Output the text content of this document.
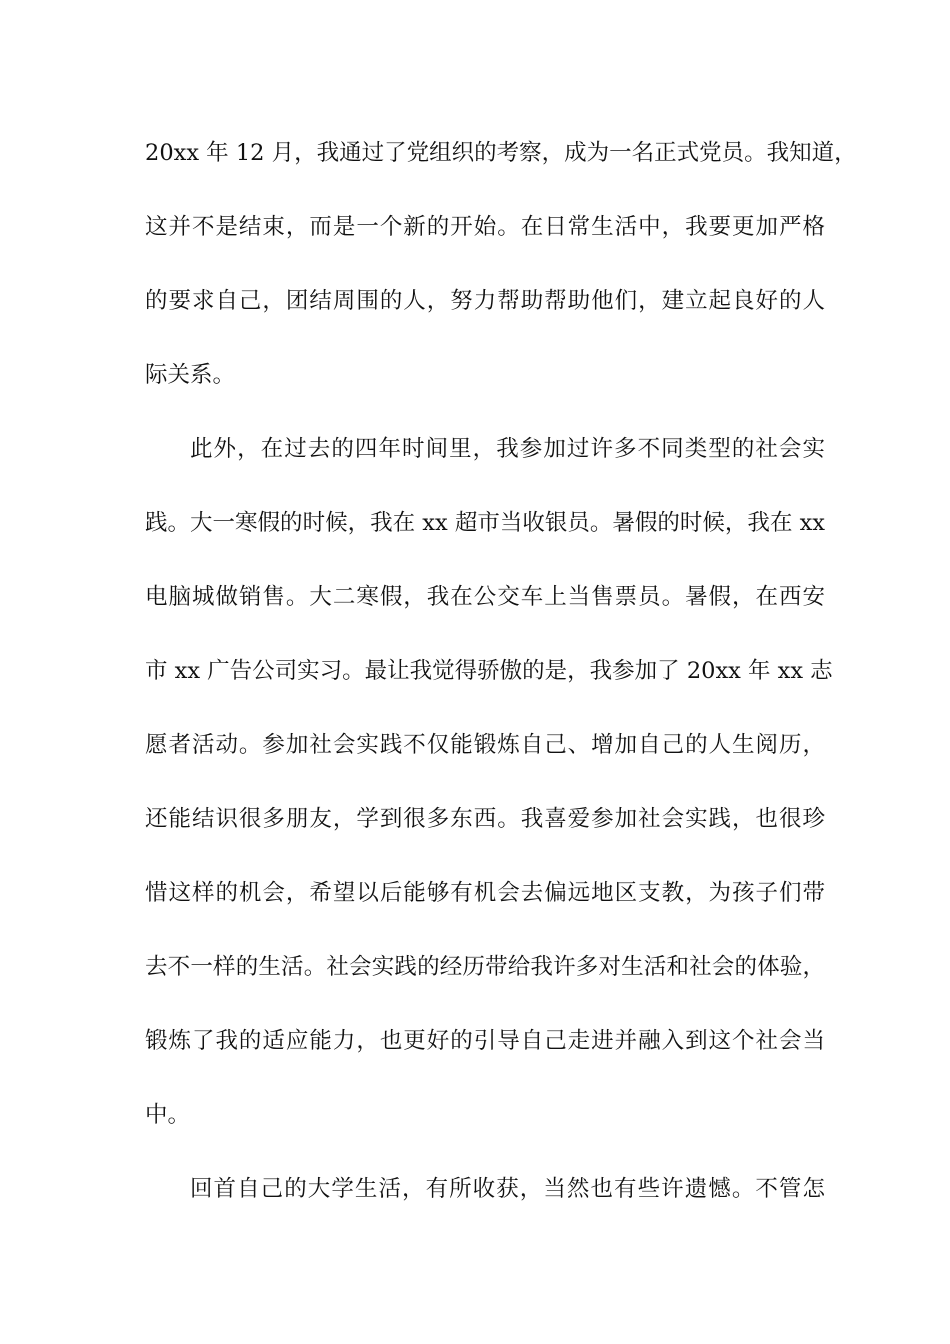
20xx 年 12 月，我通过了党组织的考察，成为一名正式党员。我知道，
这并不是结束，而是一个新的开始。在日常生活中，我要更加严格
的要求自己，团结周围的人，努力帮助帮助他们，建立起良好的人
际关系。
此外，在过去的四年时间里，我参加过许多不同类型的社会实
践。大一寒假的时候，我在 xx 超市当收银员。暑假的时候，我在 xx
电脑城做销售。大二寒假，我在公交车上当售票员。暑假，在西安
市 xx 广告公司实习。最让我觉得骄傲的是，我参加了 20xx 年 xx 志
愿者活动。参加社会实践不仅能锻炼自己、增加自己的人生阅历，
还能结识很多朋友，学到很多东西。我喜爱参加社会实践，也很珍
惜这样的机会，希望以后能够有机会去偏远地区支教，为孩子们带
去不一样的生活。社会实践的经历带给我许多对生活和社会的体验，
锻炼了我的适应能力，也更好的引导自己走进并融入到这个社会当
中。
回首自己的大学生活，有所收获，当然也有些许遗憾。不管怎
